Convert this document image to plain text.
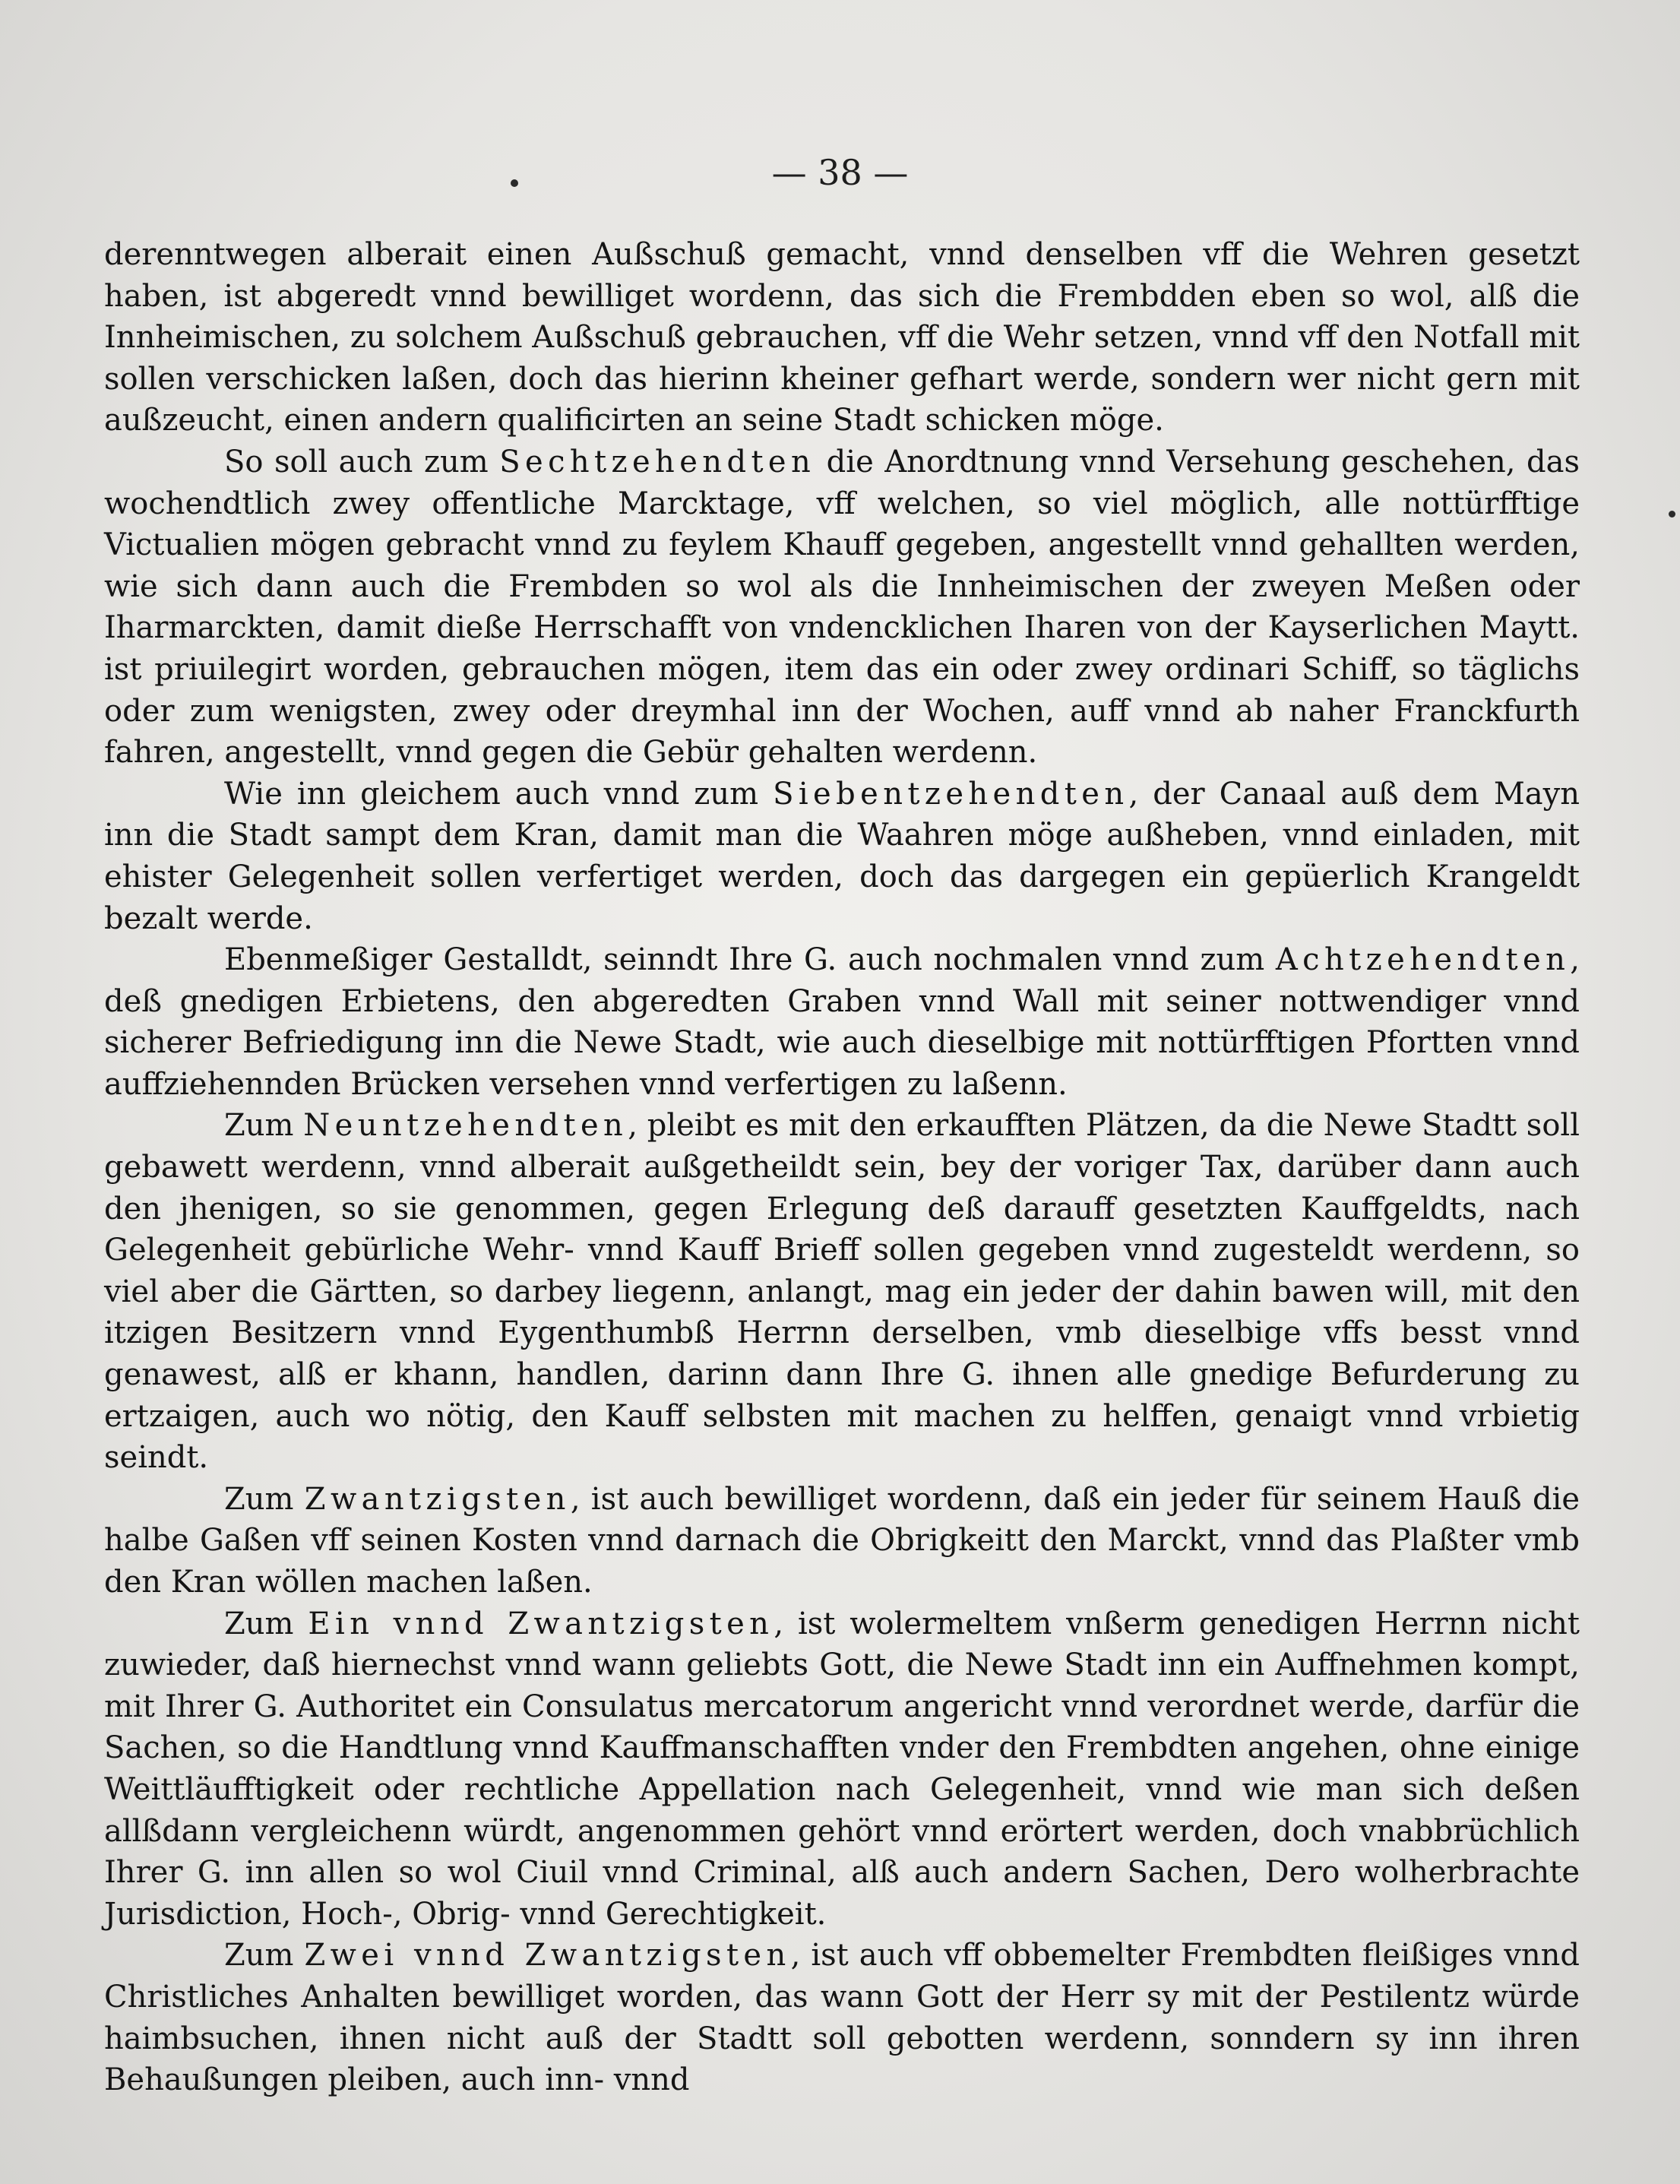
— 38 —

derenntwegen alberait einen Außschuß gemacht, vnnd denselben vff die Wehren gesetzt haben, ist abgeredt vnnd bewilliget wordenn, das sich die Frembdden eben so wol, alß die Innheimischen, zu solchem Außschuß gebrauchen, vff die Wehr setzen, vnnd vff den Notfall mit sollen verschicken laßen, doch das hierinn kheiner gefhart werde, sondern wer nicht gern mit außzeucht, einen andern qualificirten an seine Stadt schicken möge.

So soll auch zum Sechtzehendten die Anordtnung vnnd Versehung geschehen, das wochendtlich zwey offentliche Marcktage, vff welchen, so viel möglich, alle nottürfftige Victualien mögen gebracht vnnd zu feylem Khauff gegeben, angestellt vnnd gehallten werden, wie sich dann auch die Frembden so wol als die Innheimischen der zweyen Meßen oder Iharmarckten, damit dieße Herrschafft von vndencklichen Iharen von der Kayserlichen Maytt. ist priuilegirt worden, gebrauchen mögen, item das ein oder zwey ordinari Schiff, so täglichs oder zum wenigsten, zwey oder dreymhal inn der Wochen, auff vnnd ab naher Franckfurth fahren, angestellt, vnnd gegen die Gebür gehalten werdenn.

Wie inn gleichem auch vnnd zum Siebentzehendten, der Canaal auß dem Mayn inn die Stadt sampt dem Kran, damit man die Waahren möge außheben, vnnd einladen, mit ehister Gelegenheit sollen verfertiget werden, doch das dargegen ein gepüerlich Krangeldt bezalt werde.

Ebenmeßiger Gestalldt, seinndt Ihre G. auch nochmalen vnnd zum Achtzehendten, deß gnedigen Erbietens, den abgeredten Graben vnnd Wall mit seiner nottwendiger vnnd sicherer Befriedigung inn die Newe Stadt, wie auch dieselbige mit nottürfftigen Pfortten vnnd auffziehennden Brücken versehen vnnd verfertigen zu laßenn.

Zum Neuntzehendten, pleibt es mit den erkaufften Plätzen, da die Newe Stadtt soll gebawett werdenn, vnnd alberait außgetheildt sein, bey der voriger Tax, darüber dann auch den jhenigen, so sie genommen, gegen Erlegung deß darauff gesetzten Kauffgeldts, nach Gelegenheit gebürliche Wehr- vnnd Kauff Brieff sollen gegeben vnnd zugesteldt werdenn, so viel aber die Gärtten, so darbey liegenn, anlangt, mag ein jeder der dahin bawen will, mit den itzigen Besitzern vnnd Eygenthumbß Herrnn derselben, vmb dieselbige vffs besst vnnd genawest, alß er khann, handlen, darinn dann Ihre G. ihnen alle gnedige Befurderung zu ertzaigen, auch wo nötig, den Kauff selbsten mit machen zu helffen, genaigt vnnd vrbietig seindt.

Zum Zwantzigsten, ist auch bewilliget wordenn, daß ein jeder für seinem Hauß die halbe Gaßen vff seinen Kosten vnnd darnach die Obrigkeitt den Marckt, vnnd das Plaßter vmb den Kran wöllen machen laßen.

Zum Ein vnnd Zwantzigsten, ist wolermeltem vnßerm genedigen Herrnn nicht zuwieder, daß hiernechst vnnd wann geliebts Gott, die Newe Stadt inn ein Auffnehmen kompt, mit Ihrer G. Authoritet ein Consulatus mercatorum angericht vnnd verordnet werde, darfür die Sachen, so die Handtlung vnnd Kauffmanschafften vnder den Frembdten angehen, ohne einige Weittläufftigkeit oder rechtliche Appellation nach Gelegenheit, vnnd wie man sich deßen allßdann vergleichenn würdt, angenommen gehört vnnd erörtert werden, doch vnabbrüchlich Ihrer G. inn allen so wol Ciuil vnnd Criminal, alß auch andern Sachen, Dero wolherbrachte Jurisdiction, Hoch-, Obrig- vnnd Gerechtigkeit.

Zum Zwei vnnd Zwantzigsten, ist auch vff obbemelter Frembdten fleißiges vnnd Christliches Anhalten bewilliget worden, das wann Gott der Herr sy mit der Pestilentz würde haimbsuchen, ihnen nicht auß der Stadtt soll gebotten werdenn, sonndern sy inn ihren Behaußungen pleiben, auch inn- vnnd
